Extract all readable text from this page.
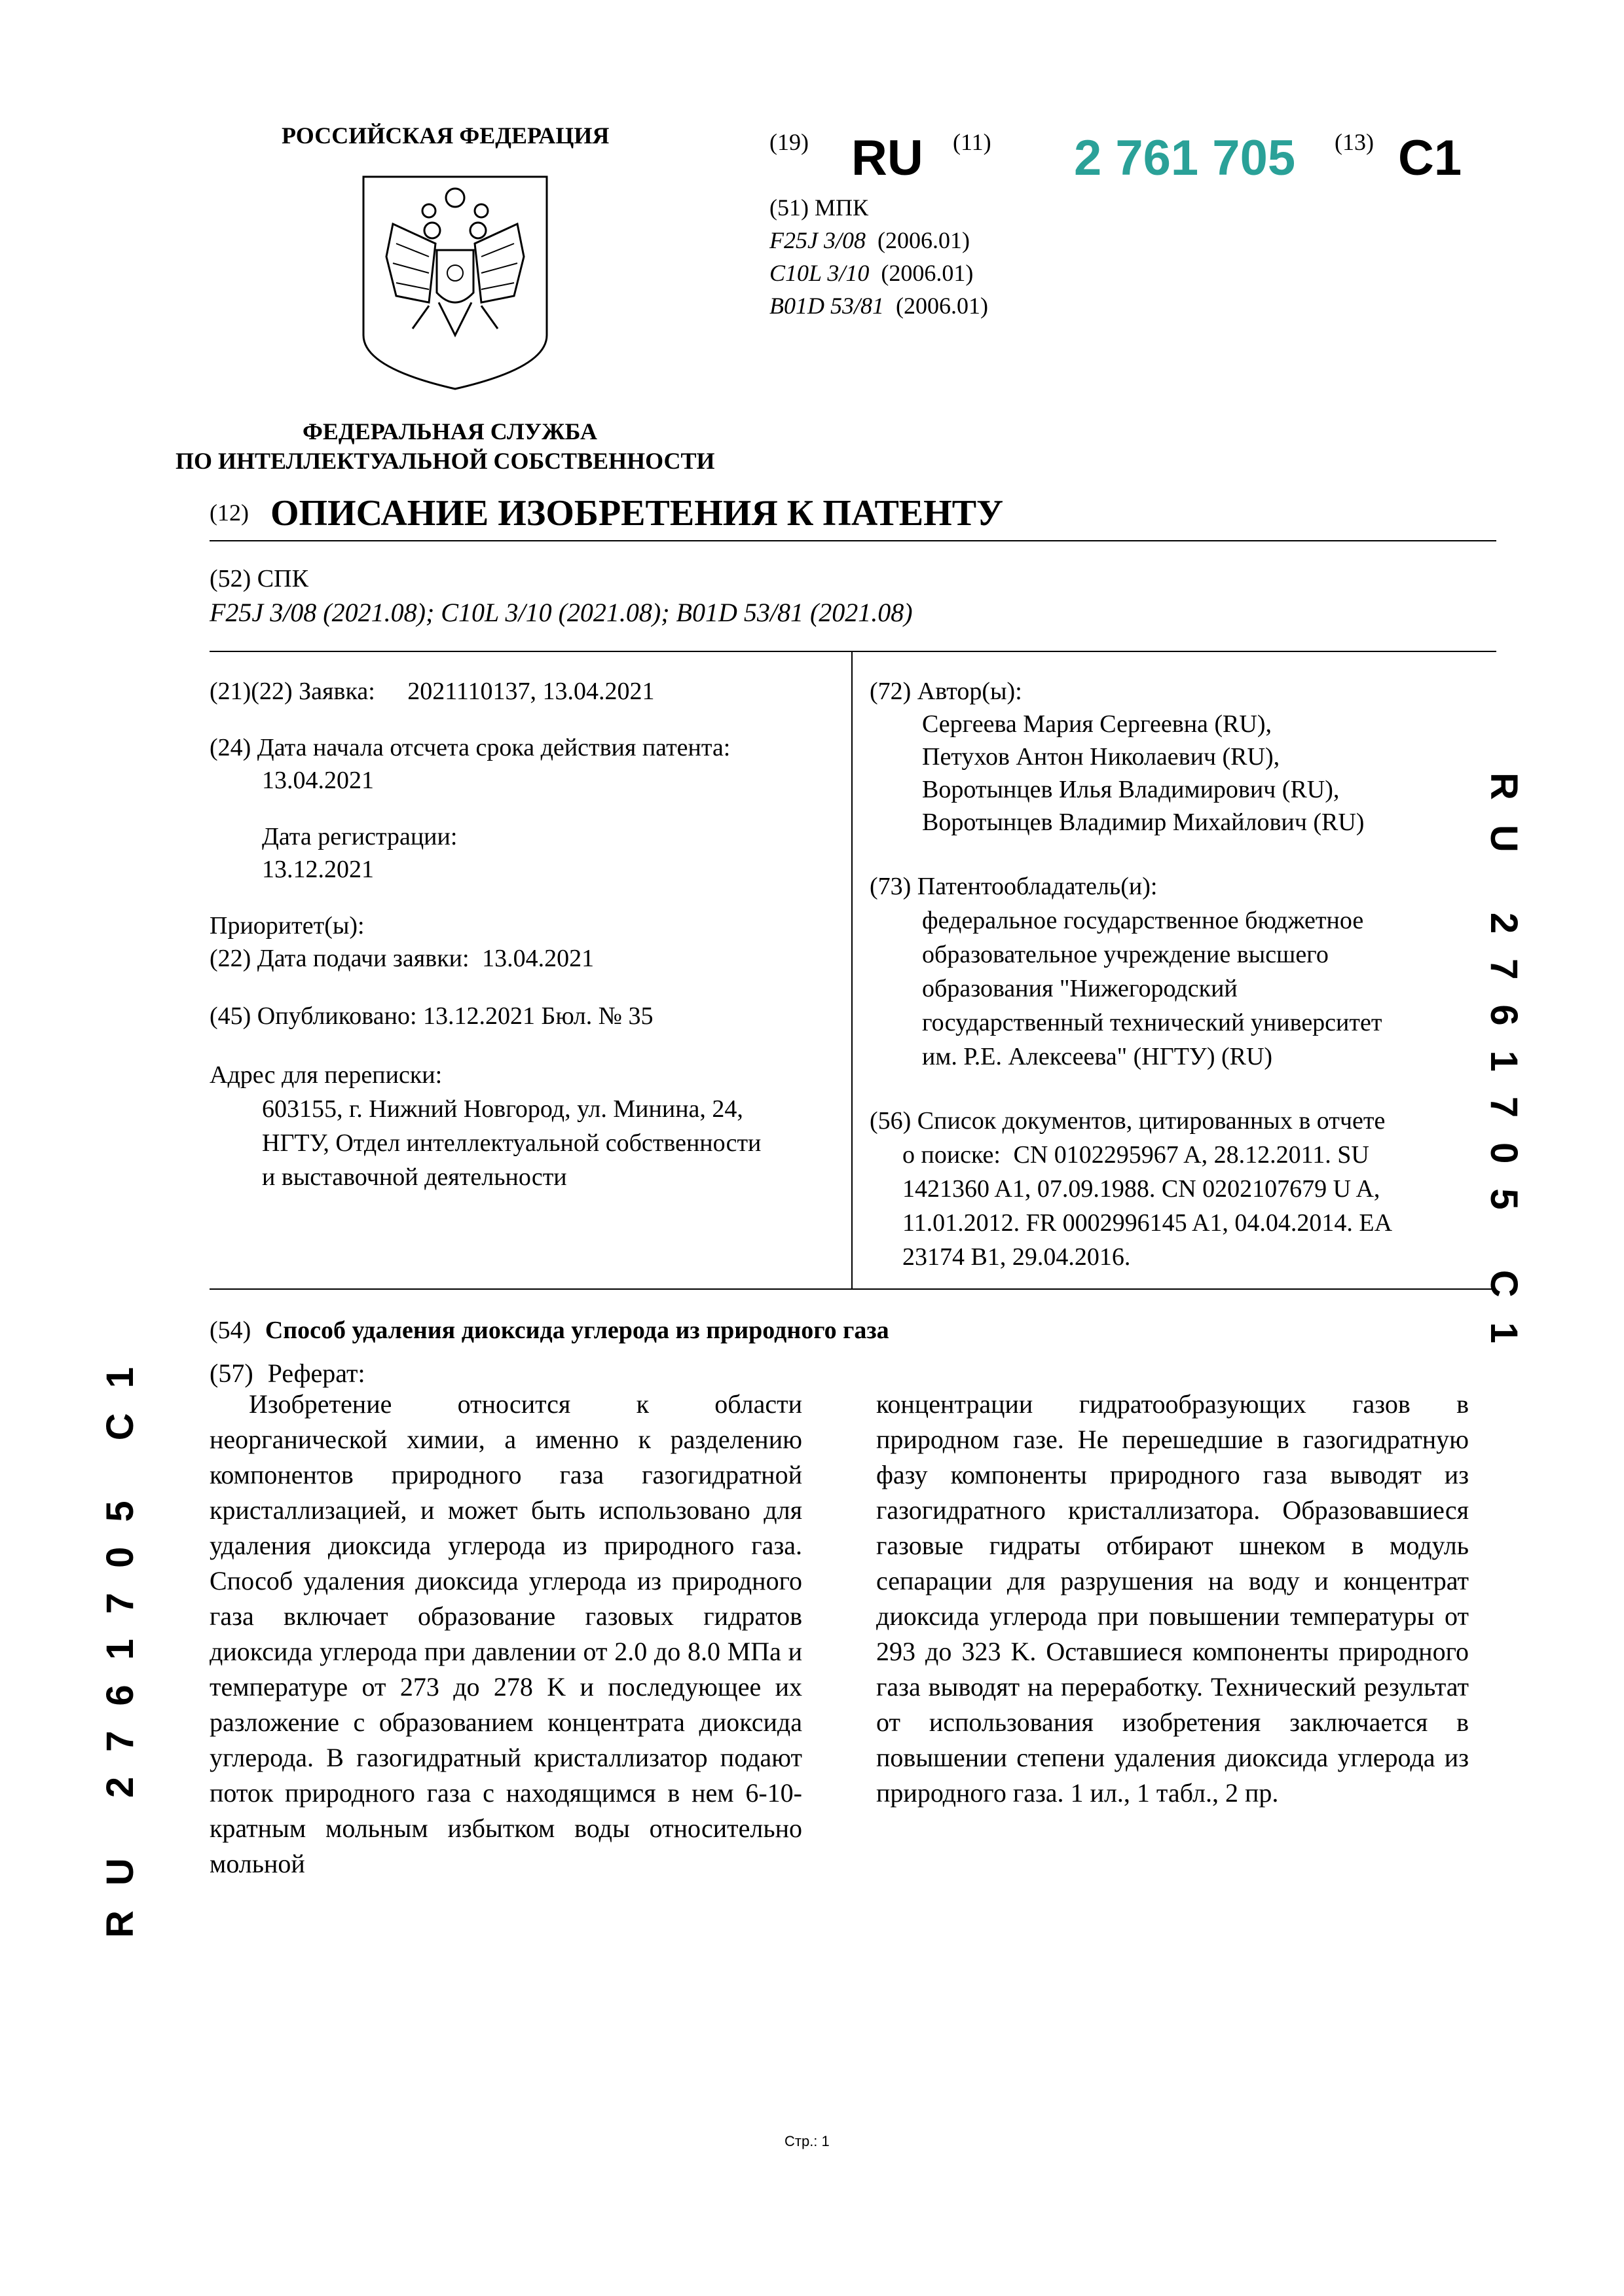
РОССИЙСКАЯ ФЕДЕРАЦИЯ
ФЕДЕРАЛЬНАЯ СЛУЖБА
ПО ИНТЕЛЛЕКТУАЛЬНОЙ СОБСТВЕННОСТИ
(19) RU (11) 2 761 705 (13) C1
(51) МПК
F25J 3/08 (2006.01)
C10L 3/10 (2006.01)
B01D 53/81 (2006.01)
(12) ОПИСАНИЕ ИЗОБРЕТЕНИЯ К ПАТЕНТУ
(52) СПК
F25J 3/08 (2021.08); C10L 3/10 (2021.08); B01D 53/81 (2021.08)
(21)(22) Заявка: 2021110137, 13.04.2021
(24) Дата начала отсчета срока действия патента:
13.04.2021
Дата регистрации:
13.12.2021
Приоритет(ы):
(22) Дата подачи заявки: 13.04.2021
(45) Опубликовано: 13.12.2021 Бюл. № 35
Адрес для переписки:
603155, г. Нижний Новгород, ул. Минина, 24,
НГТУ, Отдел интеллектуальной собственности
и выставочной деятельности
(72) Автор(ы):
Сергеева Мария Сергеевна (RU),
Петухов Антон Николаевич (RU),
Воротынцев Илья Владимирович (RU),
Воротынцев Владимир Михайлович (RU)
(73) Патентообладатель(и):
федеральное государственное бюджетное
образовательное учреждение высшего
образования "Нижегородский
государственный технический университет
им. Р.Е. Алексеева" (НГТУ) (RU)
(56) Список документов, цитированных в отчете
о поиске: CN 0102295967 A, 28.12.2011. SU
1421360 A1, 07.09.1988. CN 0202107679 U A,
11.01.2012. FR 0002996145 A1, 04.04.2014. EA
23174 B1, 29.04.2016.
(54) Способ удаления диоксида углерода из природного газа
(57) Реферат:
Изобретение относится к области неорганической химии, а именно к разделению компонентов природного газа газогидратной кристаллизацией, и может быть использовано для удаления диоксида углерода из природного газа. Способ удаления диоксида углерода из природного газа включает образование газовых гидратов диоксида углерода при давлении от 2.0 до 8.0 МПа и температуре от 273 до 278 K и последующее их разложение с образованием концентрата диоксида углерода. В газогидратный кристаллизатор подают поток природного газа с находящимся в нем 6-10-кратным мольным избытком воды относительно мольной
концентрации гидратообразующих газов в природном газе. Не перешедшие в газогидратную фазу компоненты природного газа выводят из газогидратного кристаллизатора. Образовавшиеся газовые гидраты отбирают шнеком в модуль сепарации для разрушения на воду и концентрат диоксида углерода при повышении температуры от 293 до 323 K. Оставшиеся компоненты природного газа выводят на переработку. Технический результат от использования изобретения заключается в повышении степени удаления диоксида углерода из природного газа. 1 ил., 1 табл., 2 пр.
RU 2761705 C1
RU 2761705 C1
Стр.: 1
